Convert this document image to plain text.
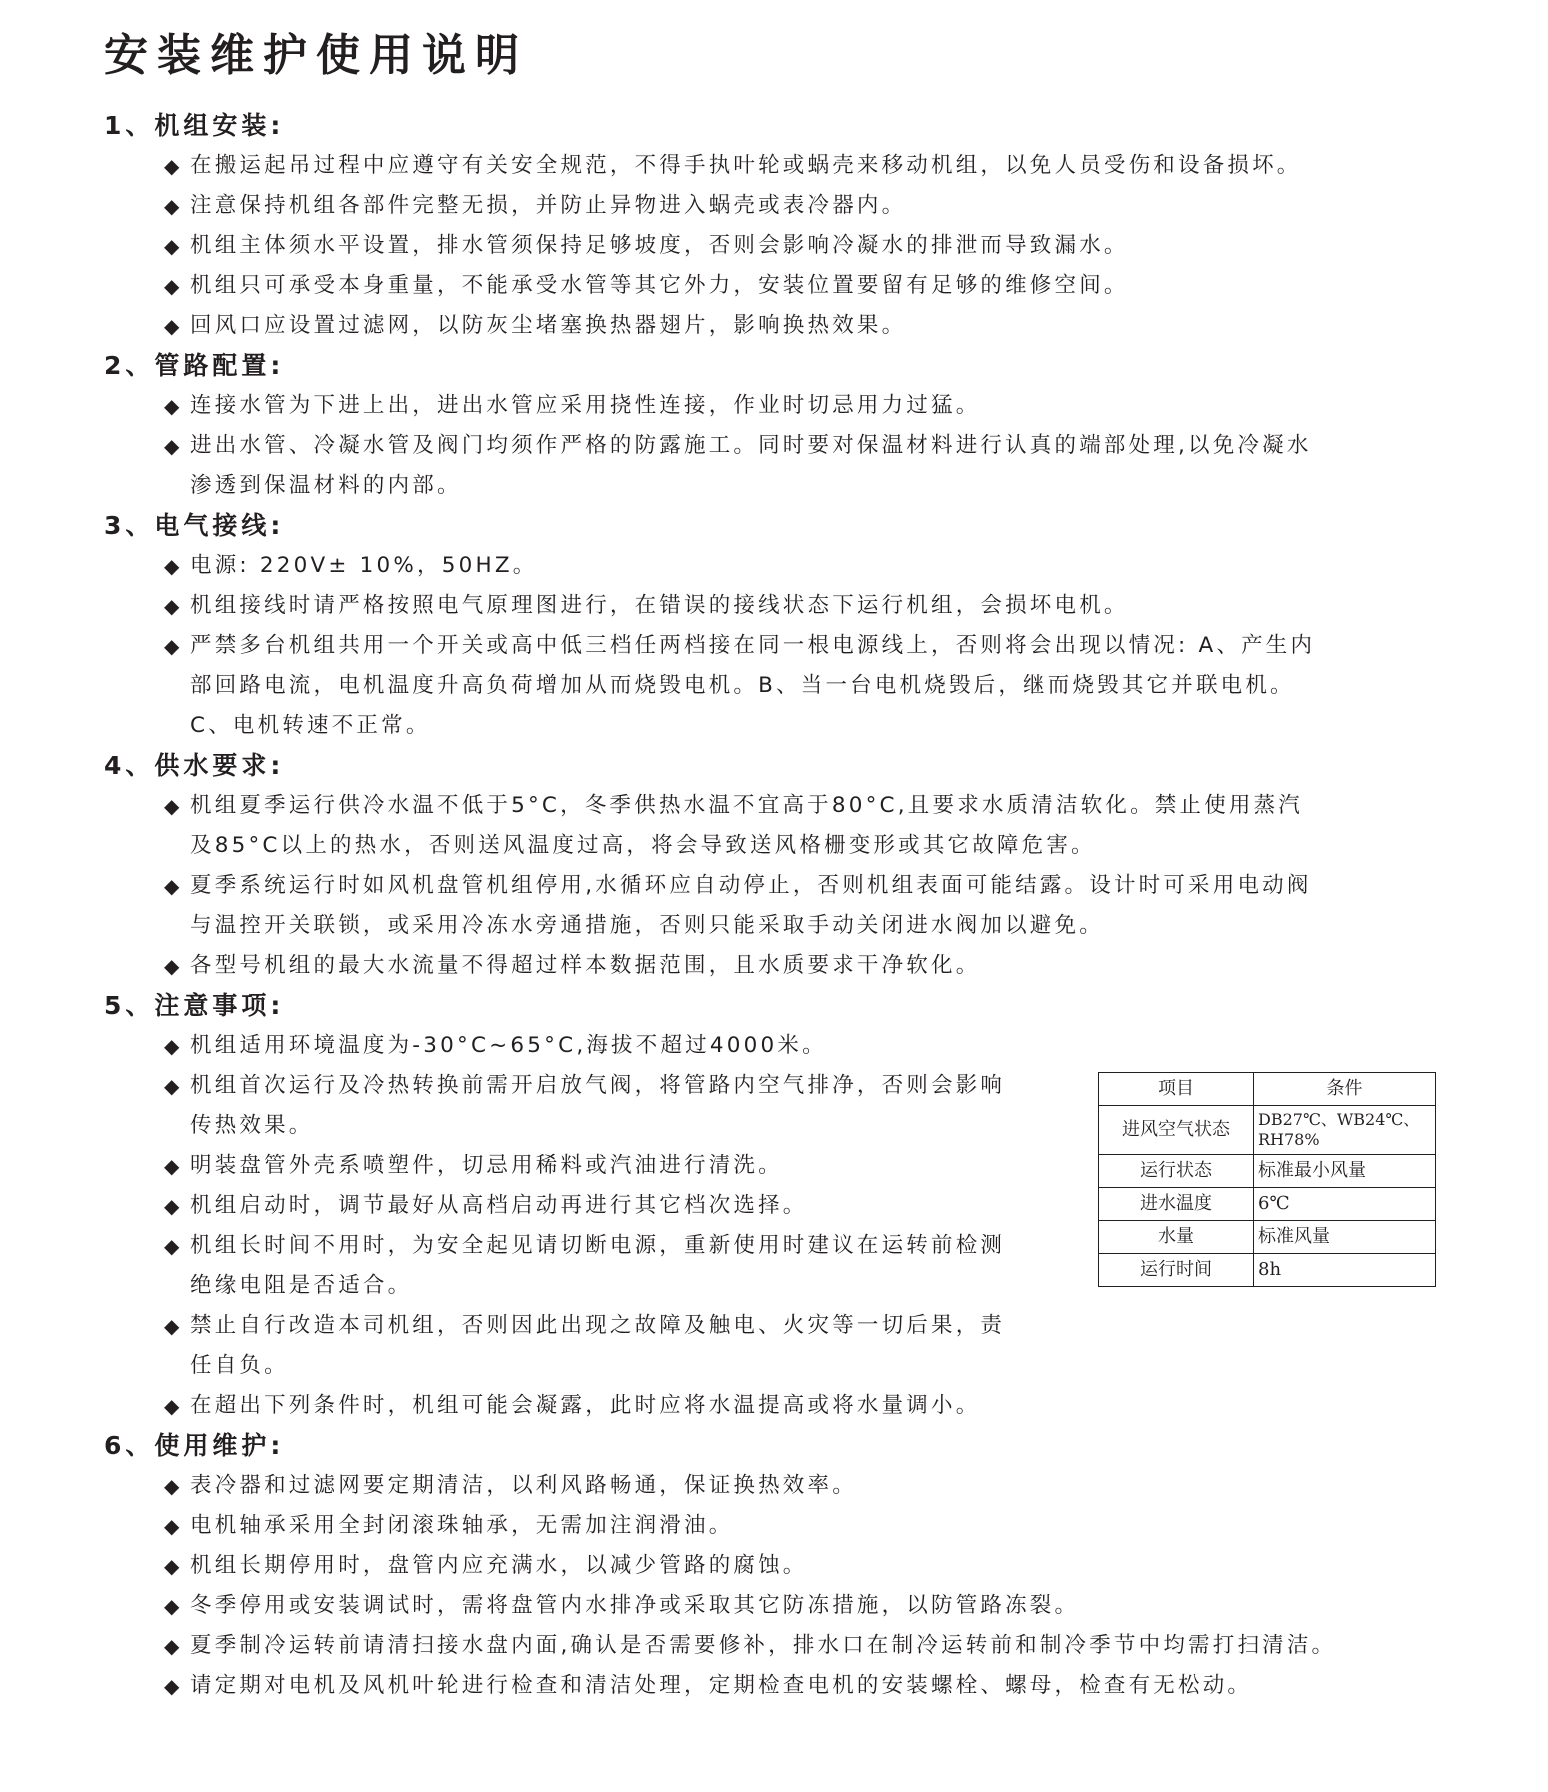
安装维护使用说明
1、机组安装:
◆ 在搬运起吊过程中应遵守有关安全规范，不得手执叶轮或蜗壳来移动机组，以免人员受伤和设备损坏。
◆ 注意保持机组各部件完整无损，并防止异物进入蜗壳或表冷器内。
◆ 机组主体须水平设置，排水管须保持足够坡度，否则会影响冷凝水的排泄而导致漏水。
◆ 机组只可承受本身重量，不能承受水管等其它外力，安装位置要留有足够的维修空间。
◆ 回风口应设置过滤网，以防灰尘堵塞换热器翅片，影响换热效果。
2、管路配置:
◆ 连接水管为下进上出，进出水管应采用挠性连接，作业时切忌用力过猛。
◆ 进出水管、冷凝水管及阀门均须作严格的防露施工。同时要对保温材料进行认真的端部处理,以免冷凝水
渗透到保温材料的内部。
3、电气接线:
◆ 电源: 220V± 10%，50HZ。
◆ 机组接线时请严格按照电气原理图进行，在错误的接线状态下运行机组，会损坏电机。
◆ 严禁多台机组共用一个开关或高中低三档任两档接在同一根电源线上，否则将会出现以情况: A、产生内
部回路电流，电机温度升高负荷增加从而烧毁电机。B、当一台电机烧毁后，继而烧毁其它并联电机。
C、电机转速不正常。
4、供水要求:
◆ 机组夏季运行供冷水温不低于5°C，冬季供热水温不宜高于80°C,且要求水质清洁软化。禁止使用蒸汽
及85°C以上的热水，否则送风温度过高，将会导致送风格栅变形或其它故障危害。
◆ 夏季系统运行时如风机盘管机组停用,水循环应自动停止，否则机组表面可能结露。设计时可采用电动阀
与温控开关联锁，或采用冷冻水旁通措施，否则只能采取手动关闭进水阀加以避免。
◆ 各型号机组的最大水流量不得超过样本数据范围，且水质要求干净软化。
5、注意事项:
◆ 机组适用环境温度为-30°C~65°C,海拔不超过4000米。
◆ 机组首次运行及冷热转换前需开启放气阀，将管路内空气排净，否则会影响
传热效果。
◆ 明装盘管外壳系喷塑件，切忌用稀料或汽油进行清洗。
◆ 机组启动时，调节最好从高档启动再进行其它档次选择。
◆ 机组长时间不用时，为安全起见请切断电源，重新使用时建议在运转前检测
绝缘电阻是否适合。
◆ 禁止自行改造本司机组，否则因此出现之故障及触电、火灾等一切后果，责
任自负。
◆ 在超出下列条件时，机组可能会凝露，此时应将水温提高或将水量调小。
6、使用维护:
◆ 表冷器和过滤网要定期清洁，以利风路畅通，保证换热效率。
◆ 电机轴承采用全封闭滚珠轴承，无需加注润滑油。
◆ 机组长期停用时，盘管内应充满水，以减少管路的腐蚀。
◆ 冬季停用或安装调试时，需将盘管内水排净或采取其它防冻措施，以防管路冻裂。
◆ 夏季制冷运转前请清扫接水盘内面,确认是否需要修补，排水口在制冷运转前和制冷季节中均需打扫清洁。
◆ 请定期对电机及风机叶轮进行检查和清洁处理，定期检查电机的安装螺栓、螺母，检查有无松动。
项目	条件
进风空气状态	DB27℃、WB24℃、RH78%
运行状态	标准最小风量
进水温度	6℃
水量	标准风量
运行时间	8h
